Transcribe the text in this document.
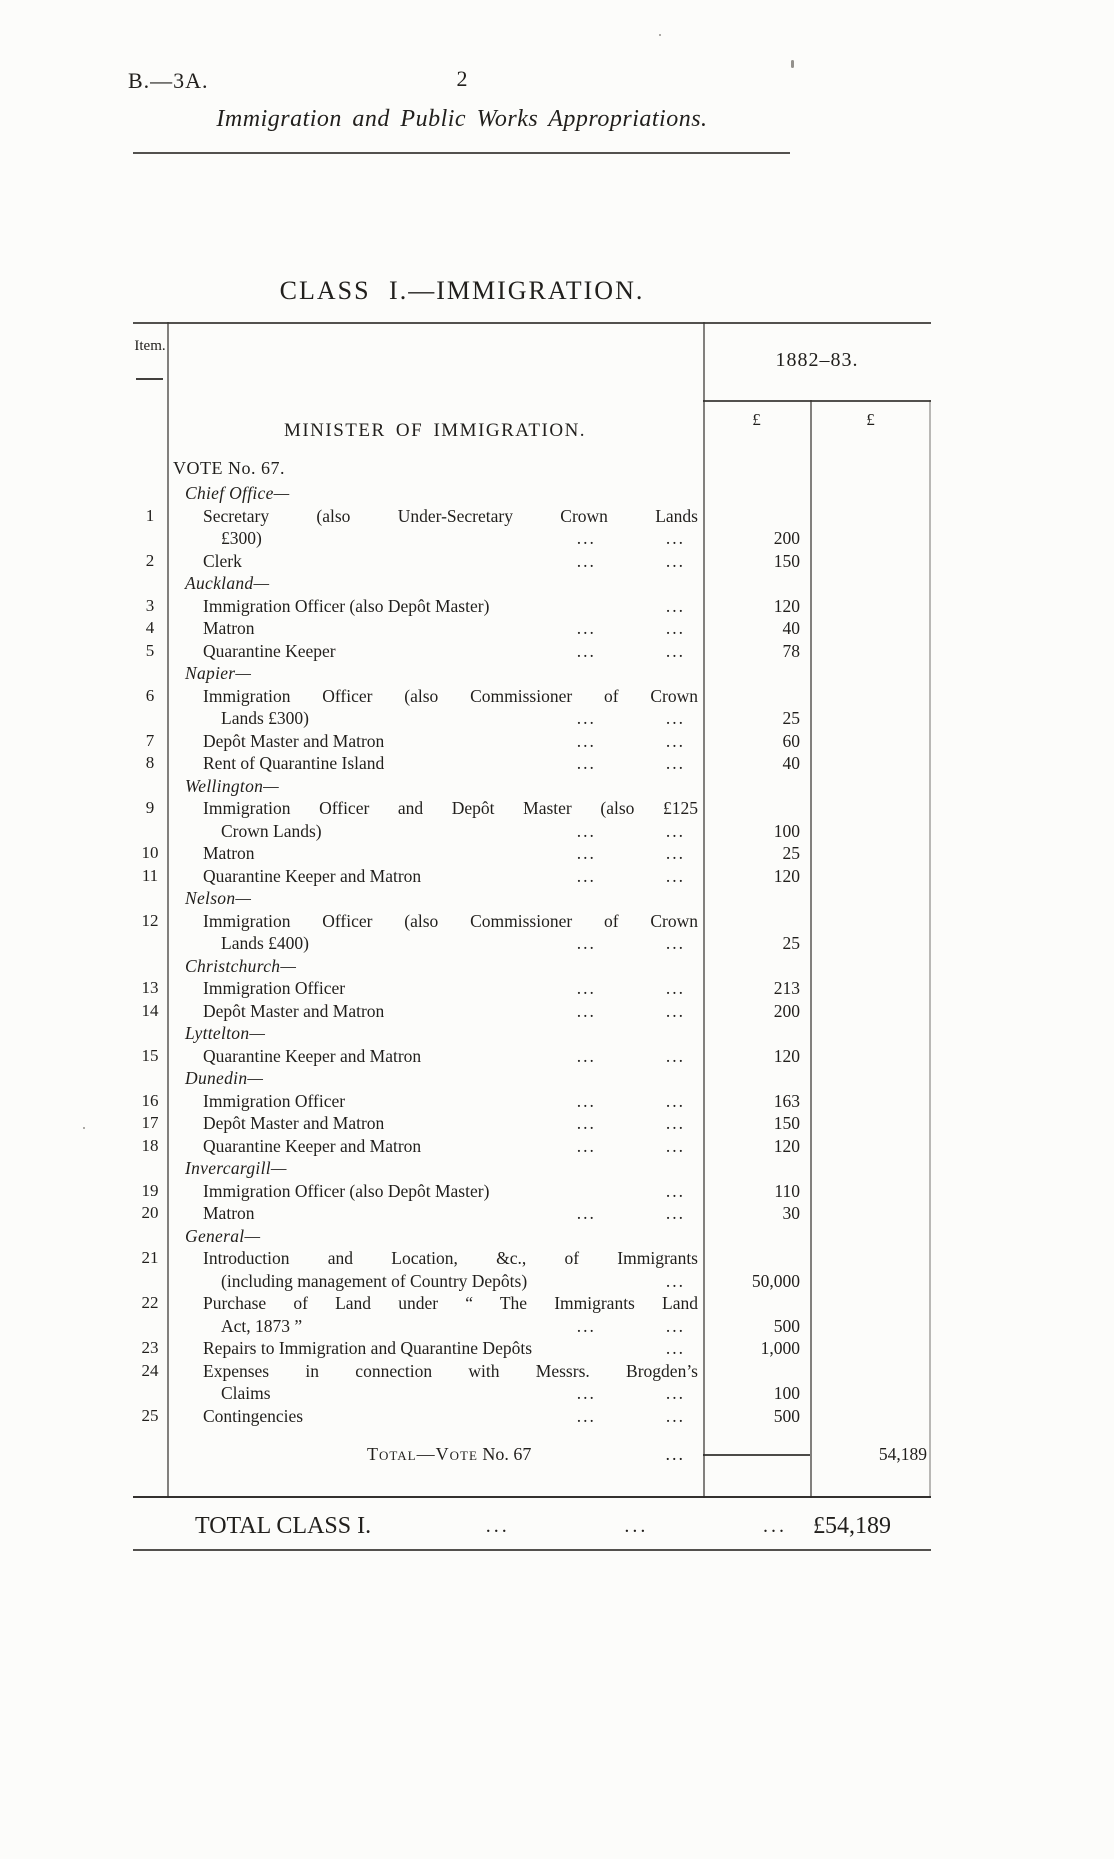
B.—3A.	2
Immigration and Public Works Appropriations.
CLASS I.—IMMIGRATION.
Item.
1882–83.
£	£
MINISTER OF IMMIGRATION.
VOTE No. 67.
Chief Office—
1	Secretary (also Under-Secretary Crown Lands
£300)	...	...	200
2	Clerk	...	...	150
Auckland—
3	Immigration Officer (also Depôt Master)	...	120
4	Matron	...	...	40
5	Quarantine Keeper	...	...	78
Napier—
6	Immigration Officer (also Commissioner of Crown
Lands £300)	...	...	25
7	Depôt Master and Matron	...	...	60
8	Rent of Quarantine Island	...	...	40
Wellington—
9	Immigration Officer and Depôt Master (also £125
Crown Lands)	...	...	100
10	Matron	...	...	25
11	Quarantine Keeper and Matron	...	...	120
Nelson—
12	Immigration Officer (also Commissioner of Crown
Lands £400)	...	...	25
Christchurch—
13	Immigration Officer	...	...	213
14	Depôt Master and Matron	...	...	200
Lyttelton—
15	Quarantine Keeper and Matron	...	...	120
Dunedin—
16	Immigration Officer	...	...	163
17	Depôt Master and Matron	...	...	150
18	Quarantine Keeper and Matron	...	...	120
Invercargill—
19	Immigration Officer (also Depôt Master)	...	110
20	Matron	...	...	30
General—
21	Introduction and Location, &c., of Immigrants
(including management of Country Depôts)	...	50,000
22	Purchase of Land under “ The Immigrants Land
Act, 1873 ”	...	...	500
23	Repairs to Immigration and Quarantine Depôts	...	1,000
24	Expenses in connection with Messrs. Brogden’s
Claims	...	...	100
25	Contingencies	...	...	500
Total—Vote
No. 67	...	54,189
TOTAL CLASS I.	...	...	... £54,189
